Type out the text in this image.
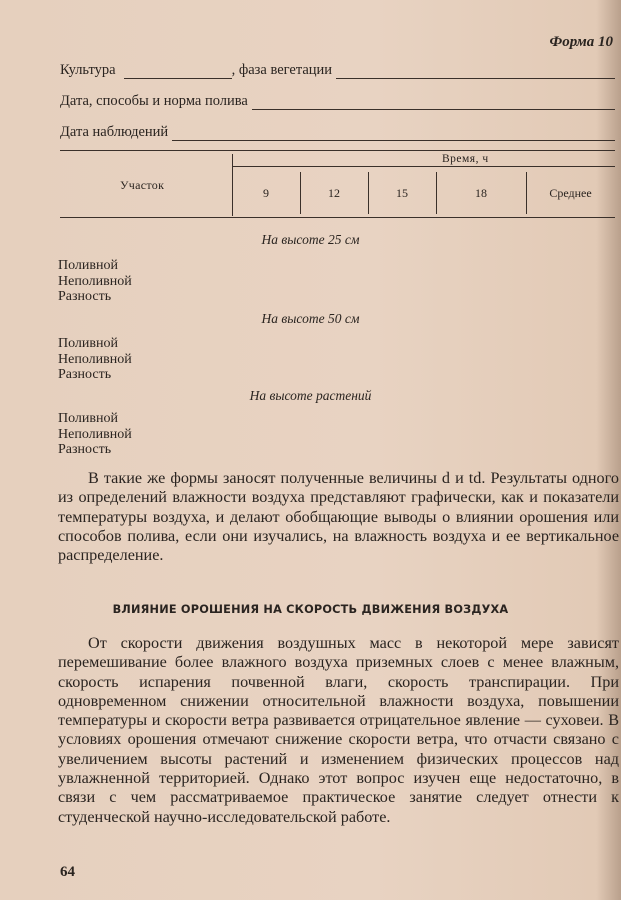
Форма 10
Культура	, фаза вегетации
Дата, способы и норма полива
Дата наблюдений
Участок
Время, ч
9	12	15	18	Среднее
На высоте 25 см
Поливной
Неполивной
Разность
На высоте 50 см
Поливной
Неполивной
Разность
На высоте растений
Поливной
Неполивной
Разность

В такие же формы заносят полученные величины d и td. Результаты одного из определений влажности воздуха представляют графически, как и показатели температуры воздуха, и делают обобщающие выводы о влиянии орошения или способов полива, если они изучались, на влажность воздуха и ее вертикальное распределение.

ВЛИЯНИЕ ОРОШЕНИЯ НА СКОРОСТЬ ДВИЖЕНИЯ ВОЗДУХА

От скорости движения воздушных масс в некоторой мере зависят перемешивание более влажного воздуха приземных слоев с менее влажным, скорость испарения почвенной влаги, скорость транспирации. При одновременном снижении относительной влажности воздуха, повышении температуры и скорости ветра развивается отрицательное явление — суховеи. В условиях орошения отмечают снижение скорости ветра, что отчасти связано с увеличением высоты растений и изменением физических процессов над увлажненной территорией. Однако этот вопрос изучен еще недостаточно, в связи с чем рассматриваемое практическое занятие следует отнести к студенческой научно-исследовательской работе.

64
